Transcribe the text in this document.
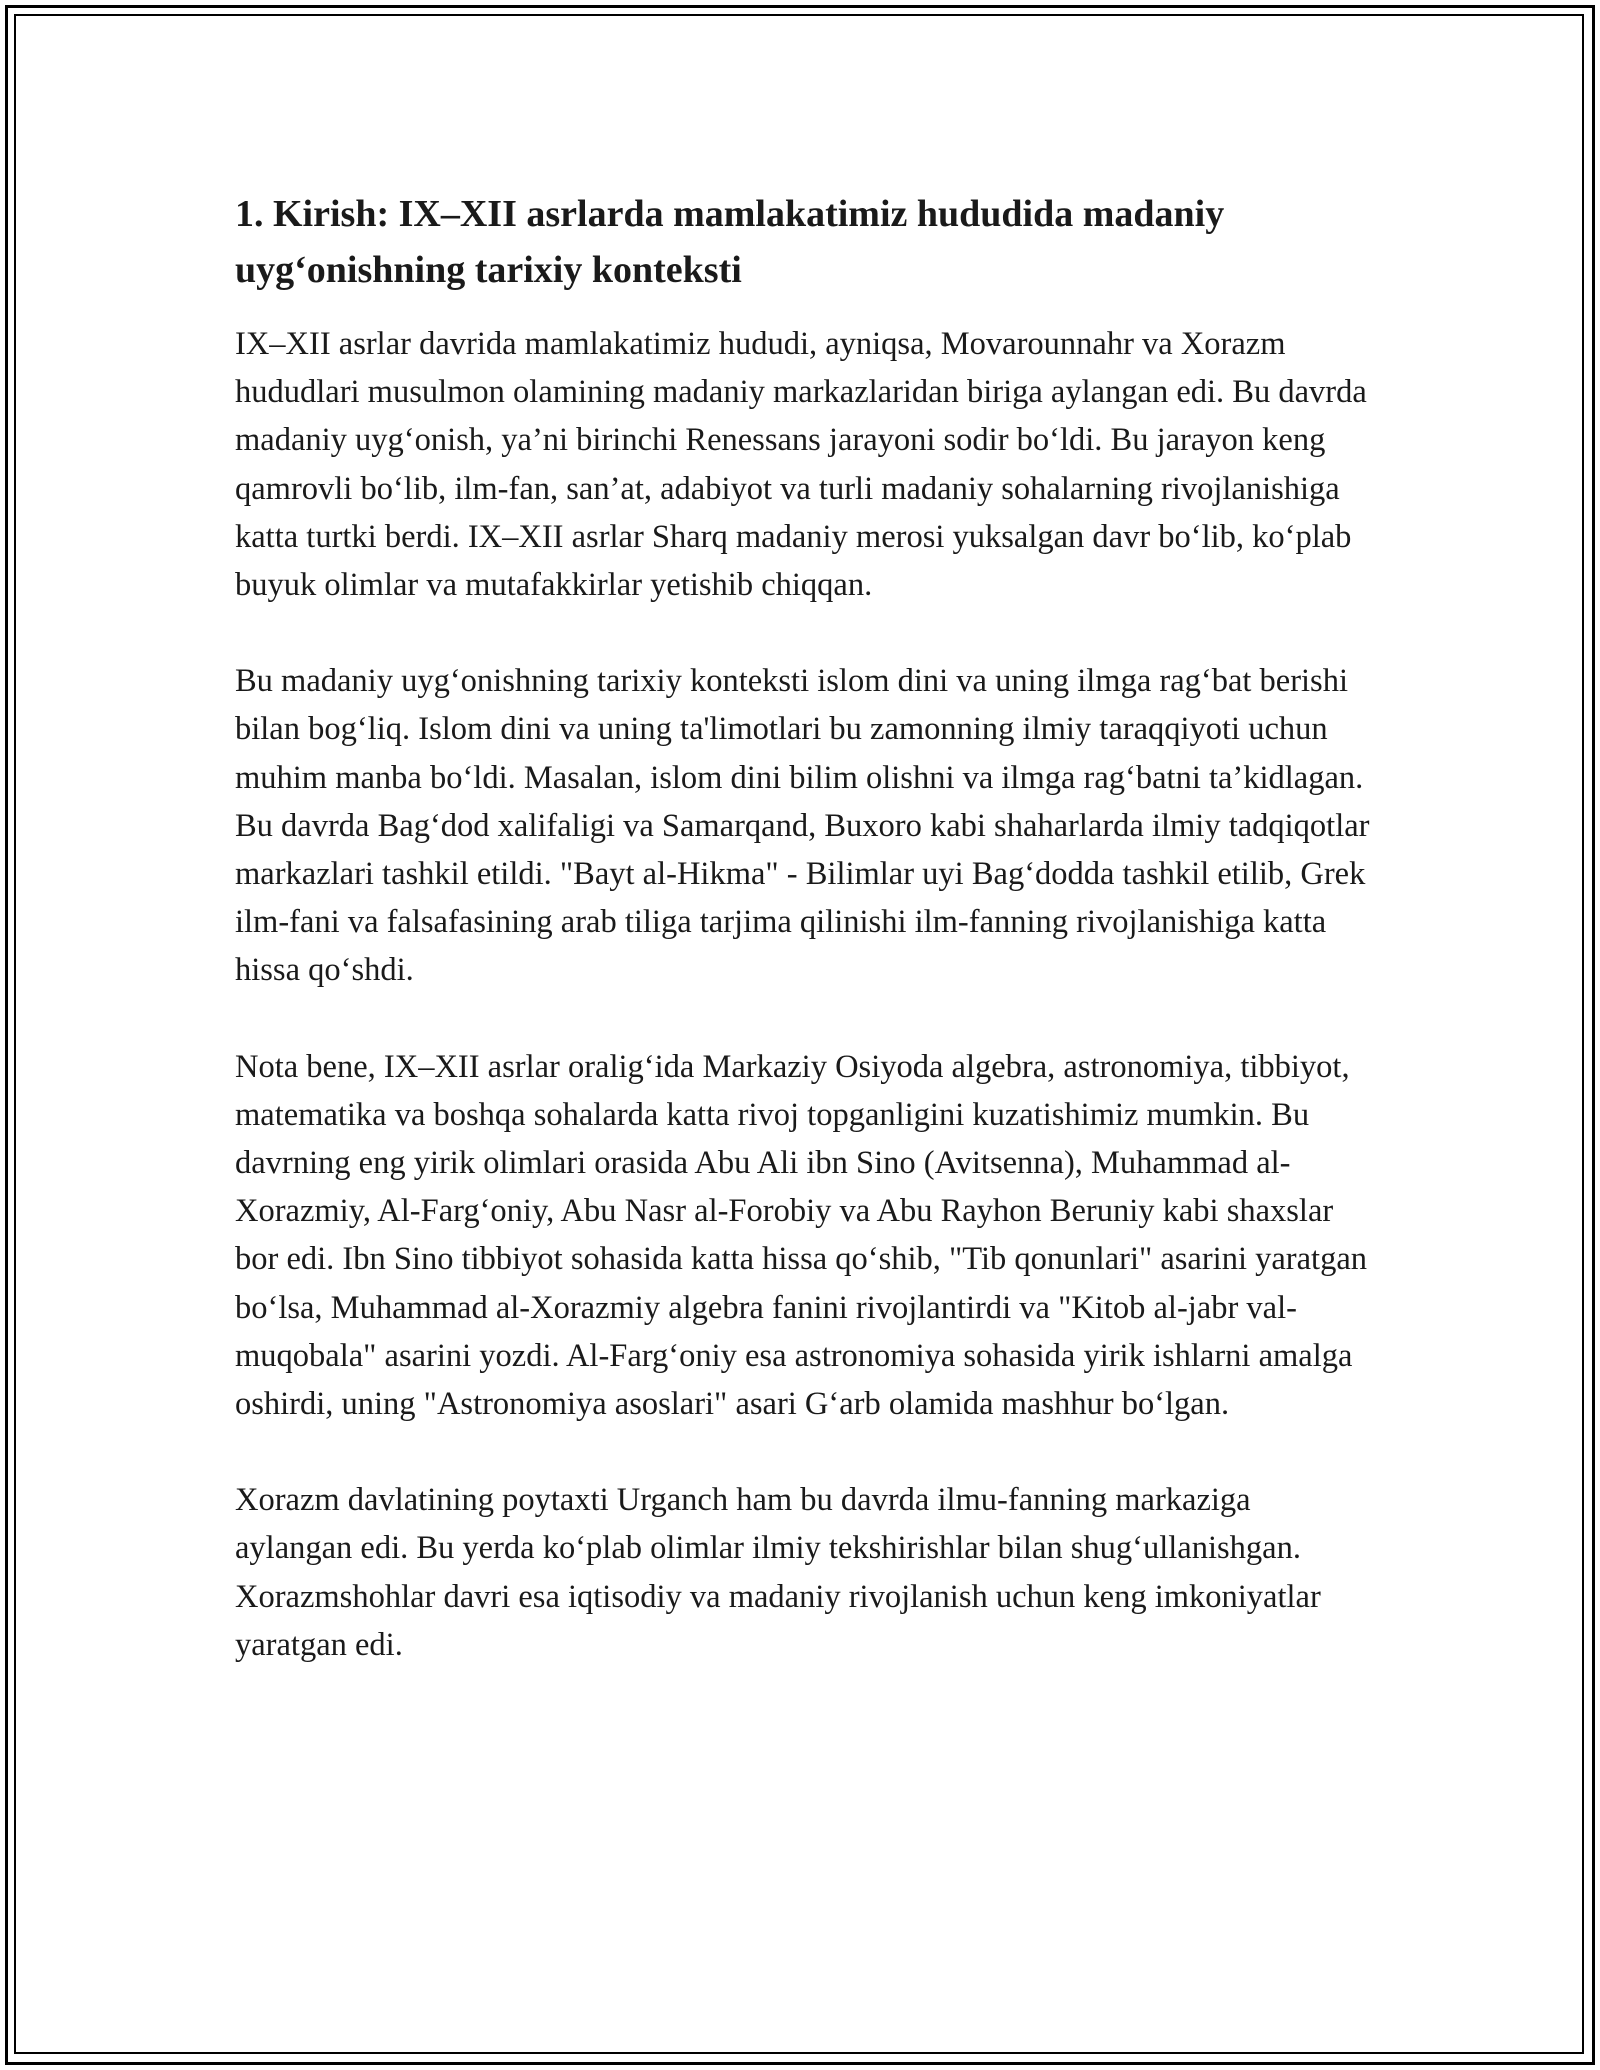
1. Kirish: IX–XII asrlarda mamlakatimiz hududida madaniy uyg‘onishning tarixiy konteksti

IX–XII asrlar davrida mamlakatimiz hududi, ayniqsa, Movarounnahr va Xorazm hududlari musulmon olamining madaniy markazlaridan biriga aylangan edi. Bu davrda madaniy uyg‘onish, ya’ni birinchi Renessans jarayoni sodir bo‘ldi. Bu jarayon keng qamrovli bo‘lib, ilm-fan, san’at, adabiyot va turli madaniy sohalarning rivojlanishiga katta turtki berdi. IX–XII asrlar Sharq madaniy merosi yuksalgan davr bo‘lib, ko‘plab buyuk olimlar va mutafakkirlar yetishib chiqqan.

Bu madaniy uyg‘onishning tarixiy konteksti islom dini va uning ilmga rag‘bat berishi bilan bog‘liq. Islom dini va uning ta'limotlari bu zamonning ilmiy taraqqiyoti uchun muhim manba bo‘ldi. Masalan, islom dini bilim olishni va ilmga rag‘batni ta’kidlagan. Bu davrda Bag‘dod xalifaligi va Samarqand, Buxoro kabi shaharlarda ilmiy tadqiqotlar markazlari tashkil etildi. "Bayt al-Hikma" - Bilimlar uyi Bag‘dodda tashkil etilib, Grek ilm-fani va falsafasining arab tiliga tarjima qilinishi ilm-fanning rivojlanishiga katta hissa qo‘shdi.

Nota bene, IX–XII asrlar oralig‘ida Markaziy Osiyoda algebra, astronomiya, tibbiyot, matematika va boshqa sohalarda katta rivoj topganligini kuzatishimiz mumkin. Bu davrning eng yirik olimlari orasida Abu Ali ibn Sino (Avitsenna), Muhammad al-Xorazmiy, Al-Farg‘oniy, Abu Nasr al-Forobiy va Abu Rayhon Beruniy kabi shaxslar bor edi. Ibn Sino tibbiyot sohasida katta hissa qo‘shib, "Tib qonunlari" asarini yaratgan bo‘lsa, Muhammad al-Xorazmiy algebra fanini rivojlantirdi va "Kitob al-jabr val-muqobala" asarini yozdi. Al-Farg‘oniy esa astronomiya sohasida yirik ishlarni amalga oshirdi, uning "Astronomiya asoslari" asari G‘arb olamida mashhur bo‘lgan.

Xorazm davlatining poytaxti Urganch ham bu davrda ilmu-fanning markaziga aylangan edi. Bu yerda ko‘plab olimlar ilmiy tekshirishlar bilan shug‘ullanishgan. Xorazmshohlar davri esa iqtisodiy va madaniy rivojlanish uchun keng imkoniyatlar yaratgan edi.
